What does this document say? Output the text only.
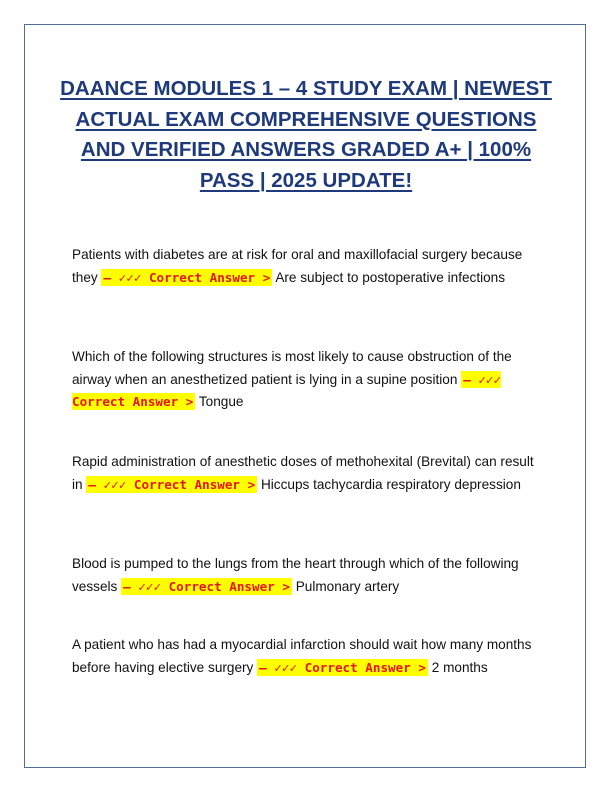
DAANCE MODULES 1 – 4 STUDY EXAM | NEWEST ACTUAL EXAM COMPREHENSIVE QUESTIONS AND VERIFIED ANSWERS GRADED A+ | 100% PASS | 2025 UPDATE!

Patients with diabetes are at risk for oral and maxillofacial surgery because they – ✓✓✓ Correct Answer > Are subject to postoperative infections

Which of the following structures is most likely to cause obstruction of the airway when an anesthetized patient is lying in a supine position – ✓✓✓ Correct Answer > Tongue

Rapid administration of anesthetic doses of methohexital (Brevital) can result in – ✓✓✓ Correct Answer > Hiccups tachycardia respiratory depression

Blood is pumped to the lungs from the heart through which of the following vessels – ✓✓✓ Correct Answer > Pulmonary artery

A patient who has had a myocardial infarction should wait how many months before having elective surgery – ✓✓✓ Correct Answer > 2 months
